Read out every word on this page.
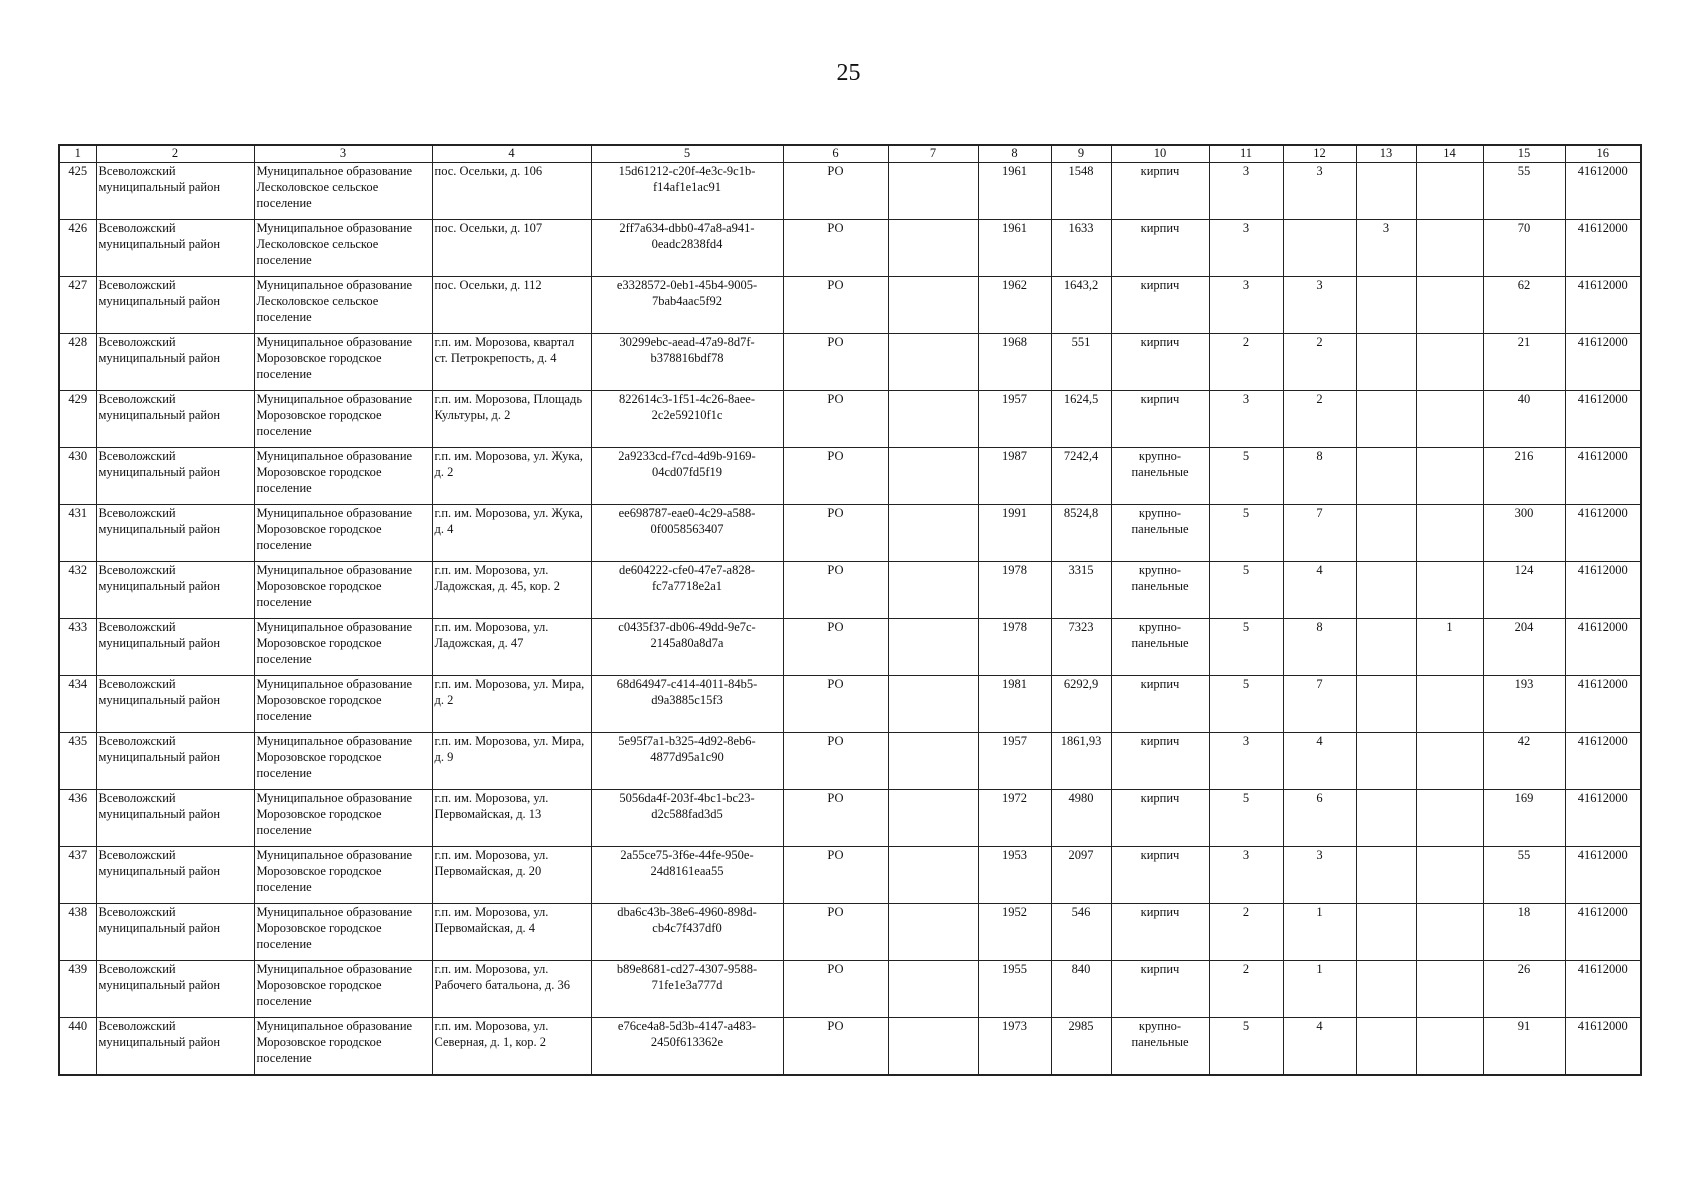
25
1	2	3	4	5	6	7	8	9	10	11	12	13	14	15	16
425	Всеволожский муниципальный район	Муниципальное образование Лесколовское сельское поселение	пос. Осельки, д. 106	15d61212-c20f-4e3c-9c1b-f14af1e1ac91	РО		1961	1548	кирпич	3	3			55	41612000
426	Всеволожский муниципальный район	Муниципальное образование Лесколовское сельское поселение	пос. Осельки, д. 107	2ff7a634-dbb0-47a8-a941-0eadc2838fd4	РО		1961	1633	кирпич	3		3		70	41612000
427	Всеволожский муниципальный район	Муниципальное образование Лесколовское сельское поселение	пос. Осельки, д. 112	e3328572-0eb1-45b4-9005-7bab4aac5f92	РО		1962	1643,2	кирпич	3	3			62	41612000
428	Всеволожский муниципальный район	Муниципальное образование Морозовское городское поселение	г.п. им. Морозова, квартал ст. Петрокрепость, д. 4	30299ebc-aead-47a9-8d7f-b378816bdf78	РО		1968	551	кирпич	2	2			21	41612000
429	Всеволожский муниципальный район	Муниципальное образование Морозовское городское поселение	г.п. им. Морозова, Площадь Культуры, д. 2	822614c3-1f51-4c26-8aee-2c2e59210f1c	РО		1957	1624,5	кирпич	3	2			40	41612000
430	Всеволожский муниципальный район	Муниципальное образование Морозовское городское поселение	г.п. им. Морозова, ул. Жука, д. 2	2a9233cd-f7cd-4d9b-9169-04cd07fd5f19	РО		1987	7242,4	крупно-панельные	5	8			216	41612000
431	Всеволожский муниципальный район	Муниципальное образование Морозовское городское поселение	г.п. им. Морозова, ул. Жука, д. 4	ee698787-eae0-4c29-a588-0f0058563407	РО		1991	8524,8	крупно-панельные	5	7			300	41612000
432	Всеволожский муниципальный район	Муниципальное образование Морозовское городское поселение	г.п. им. Морозова, ул. Ладожская, д. 45, кор. 2	de604222-cfe0-47e7-a828-fc7a7718e2a1	РО		1978	3315	крупно-панельные	5	4			124	41612000
433	Всеволожский муниципальный район	Муниципальное образование Морозовское городское поселение	г.п. им. Морозова, ул. Ладожская, д. 47	c0435f37-db06-49dd-9e7c-2145a80a8d7a	РО		1978	7323	крупно-панельные	5	8		1	204	41612000
434	Всеволожский муниципальный район	Муниципальное образование Морозовское городское поселение	г.п. им. Морозова, ул. Мира, д. 2	68d64947-c414-4011-84b5-d9a3885c15f3	РО		1981	6292,9	кирпич	5	7			193	41612000
435	Всеволожский муниципальный район	Муниципальное образование Морозовское городское поселение	г.п. им. Морозова, ул. Мира, д. 9	5e95f7a1-b325-4d92-8eb6-4877d95a1c90	РО		1957	1861,93	кирпич	3	4			42	41612000
436	Всеволожский муниципальный район	Муниципальное образование Морозовское городское поселение	г.п. им. Морозова, ул. Первомайская, д. 13	5056da4f-203f-4bc1-bc23-d2c588fad3d5	РО		1972	4980	кирпич	5	6			169	41612000
437	Всеволожский муниципальный район	Муниципальное образование Морозовское городское поселение	г.п. им. Морозова, ул. Первомайская, д. 20	2a55ce75-3f6e-44fe-950e-24d8161eaa55	РО		1953	2097	кирпич	3	3			55	41612000
438	Всеволожский муниципальный район	Муниципальное образование Морозовское городское поселение	г.п. им. Морозова, ул. Первомайская, д. 4	dba6c43b-38e6-4960-898d-cb4c7f437df0	РО		1952	546	кирпич	2	1			18	41612000
439	Всеволожский муниципальный район	Муниципальное образование Морозовское городское поселение	г.п. им. Морозова, ул. Рабочего батальона, д. 36	b89e8681-cd27-4307-9588-71fe1e3a777d	РО		1955	840	кирпич	2	1			26	41612000
440	Всеволожский муниципальный район	Муниципальное образование Морозовское городское поселение	г.п. им. Морозова, ул. Северная, д. 1, кор. 2	e76ce4a8-5d3b-4147-a483-2450f613362e	РО		1973	2985	крупно-панельные	5	4			91	41612000
